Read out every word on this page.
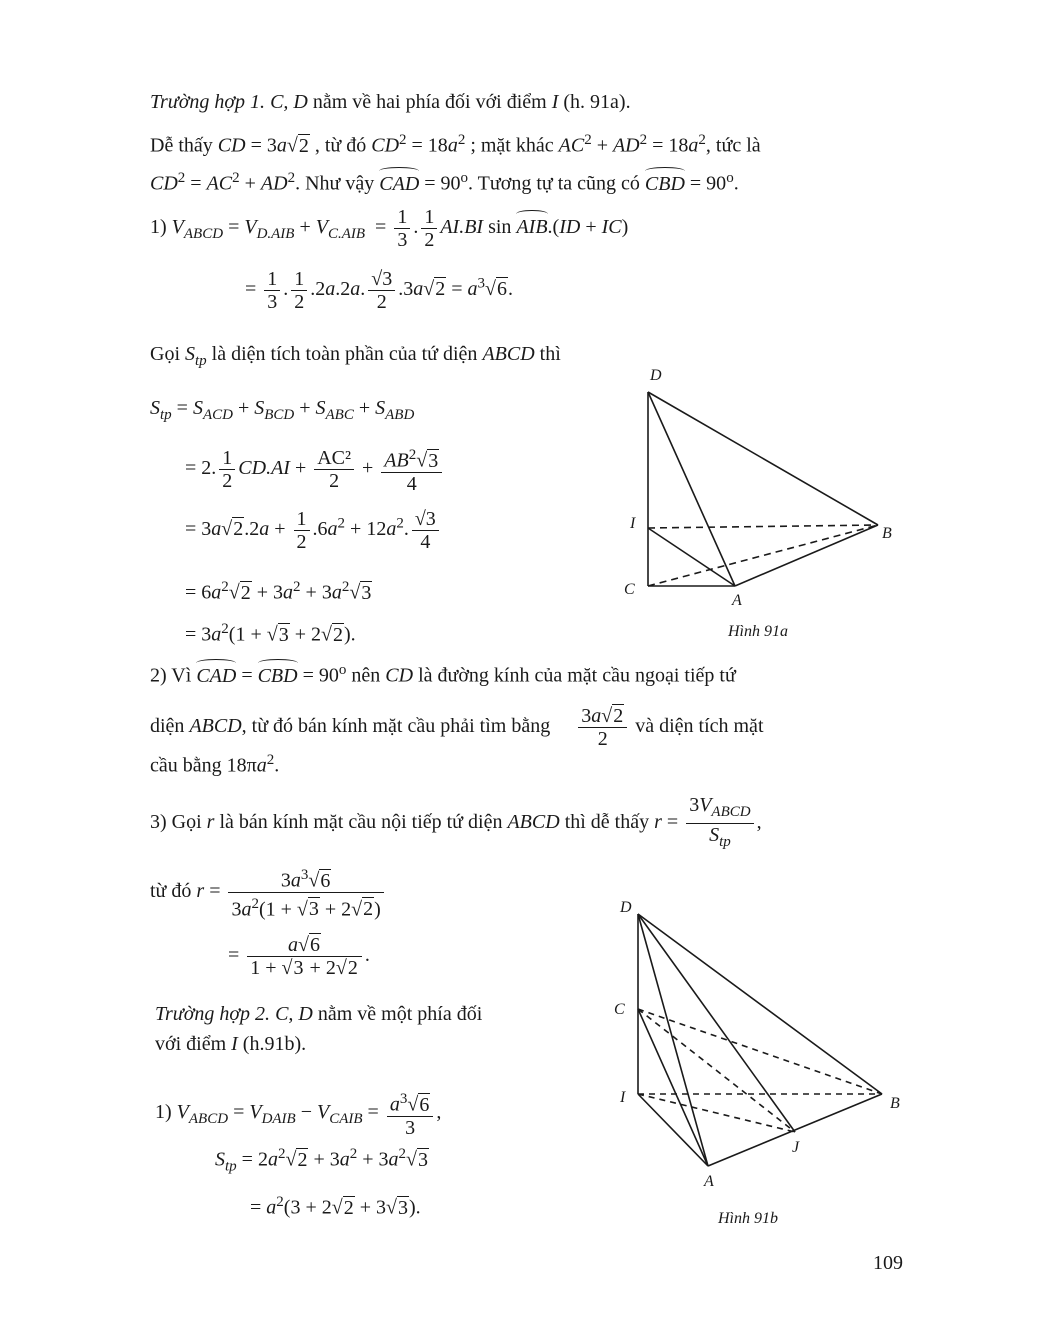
Trường hợp 1. C, D nằm về hai phía đối với điểm I (h. 91a).
Dễ thấy CD = 3a√2 , từ đó $CD^2 = 18a^2$ ; mặt khác $AC^2 + AD^2 = 18a^2$, tức là
$CD^2 = AC^2 + AD^2$. Như vậy CAD = $90^o$. Tương tự ta cũng có CBD = $90^o$.
1) $V_{ABCD} = V_{D.AIB} + V_{C.AIB} = \frac{1}{3}$ . $\frac{1}{2} AI.BI$ sin AIB.(ID + IC)
= $\frac{1}{3}$ . $\frac{1}{2} .2a.2a$. $\frac{√3}{2} .3a√2 = a^3√6$.
Gọi $S_{tp}$ là diện tích toàn phần của tứ diện ABCD thì
$S_{tp} = S_{ACD} + S_{BCD} + S_{ABC} + S_{ABD}$
= 2. $\frac{1}{2} CD.AI + \frac{\text{AC²}}{2} + \frac{AB^2√3}{4}$
= $3a√2.2a + \frac{1}{2} .6a^2 + 12a^2$. $\frac{√3}{4}$
= $6a^2√2 + 3a^2 + 3a^2√3$
= $3a^2(1 + √3 + 2√2)$.
2) Vì CAD = CBD = $90^o$ nên CD là đường kính của mặt cầu ngoại tiếp tứ
diện ABCD, từ đó bán kính mặt cầu phải tìm bằng $\frac{3a√2}{2}$ và diện tích mặt
cầu bằng $18\pi a^2$.
3) Gọi r là bán kính mặt cầu nội tiếp tứ diện ABCD thì dễ thấy $r = \frac{3V_{ABCD}}{S_{tp}}$ ,
từ đó $r = \frac{3a^3√6}{3a^2(1 + √3 + 2√2)}$
= $\frac{a√6}{1 + √3 + 2√2}$ .
Trường hợp 2. C, D nằm về một phía đối
với điểm I (h.91b).
1) $V_{ABCD} = V_{DAIB} - V_{CAIB} = \frac{a^3√6}{3}$ ,
$S_{tp} = 2a^2√2 + 3a^2 + 3a^2√3$
= $a^2(3 + 2√2 + 3√3)$.
D
I
B
C
A
Hình 91a
D
C
I	B
J
A
Hình 91b
109
